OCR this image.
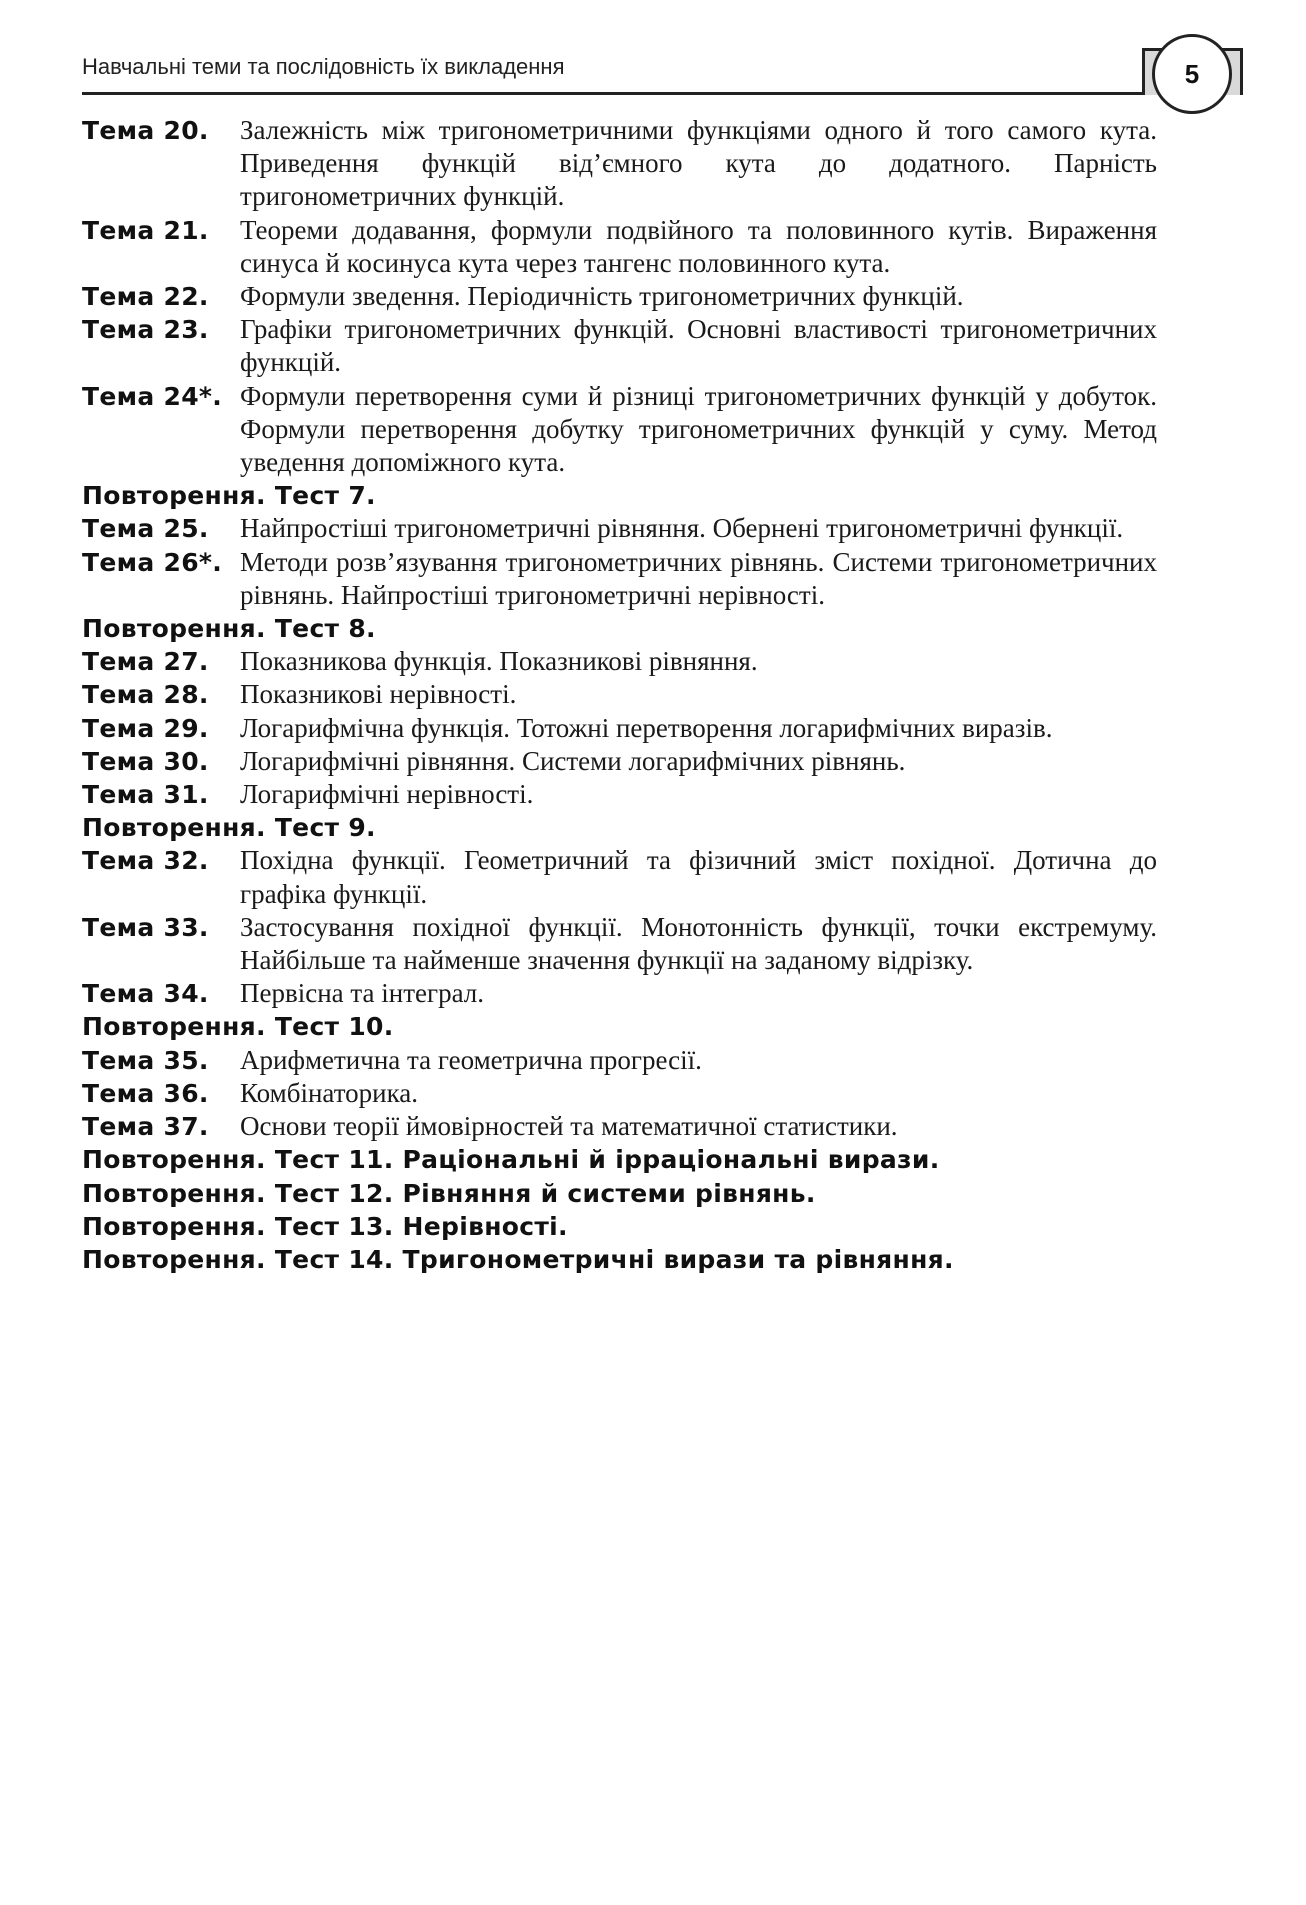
Навчальні теми та послідовність їх викладення	5
Тема 20.	Залежність між тригонометричними функціями одного й того самого кута. Приведення функцій від’ємного кута до додатного. Парність тригонометричних функцій.
Тема 21.	Теореми додавання, формули подвійного та половинного кутів. Вираження синуса й косинуса кута через тангенс половинного кута.
Тема 22.	Формули зведення. Періодичність тригонометричних функцій.
Тема 23.	Графіки тригонометричних функцій. Основні властивості тригонометричних функцій.
Тема 24*. Формули перетворення суми й різниці тригонометричних функцій у добуток. Формули перетворення добутку тригонометричних функцій у суму. Метод уведення допоміжного кута.
Повторення. Тест 7.
Тема 25.	Найпростіші тригонометричні рівняння. Обернені тригонометричні функції.
Тема 26*. Методи розв’язування тригонометричних рівнянь. Системи тригонометричних рівнянь. Найпростіші тригонометричні нерівності.
Повторення. Тест 8.
Тема 27.	Показникова функція. Показникові рівняння.
Тема 28.	Показникові нерівності.
Тема 29.	Логарифмічна функція. Тотожні перетворення логарифмічних виразів.
Тема 30.	Логарифмічні рівняння. Системи логарифмічних рівнянь.
Тема 31.	Логарифмічні нерівності.
Повторення. Тест 9.
Тема 32.	Похідна функції. Геометричний та фізичний зміст похідної. Дотична до графіка функції.
Тема 33.	Застосування похідної функції. Монотонність функції, точки екстремуму. Найбільше та найменше значення функції на заданому відрізку.
Тема 34.	Первісна та інтеграл.
Повторення. Тест 10.
Тема 35.	Арифметична та геометрична прогресії.
Тема 36.	Комбінаторика.
Тема 37.	Основи теорії ймовірностей та математичної статистики.
Повторення. Тест 11. Раціональні й ірраціональні вирази.
Повторення. Тест 12. Рівняння й системи рівнянь.
Повторення. Тест 13. Нерівності.
Повторення. Тест 14. Тригонометричні вирази та рівняння.
